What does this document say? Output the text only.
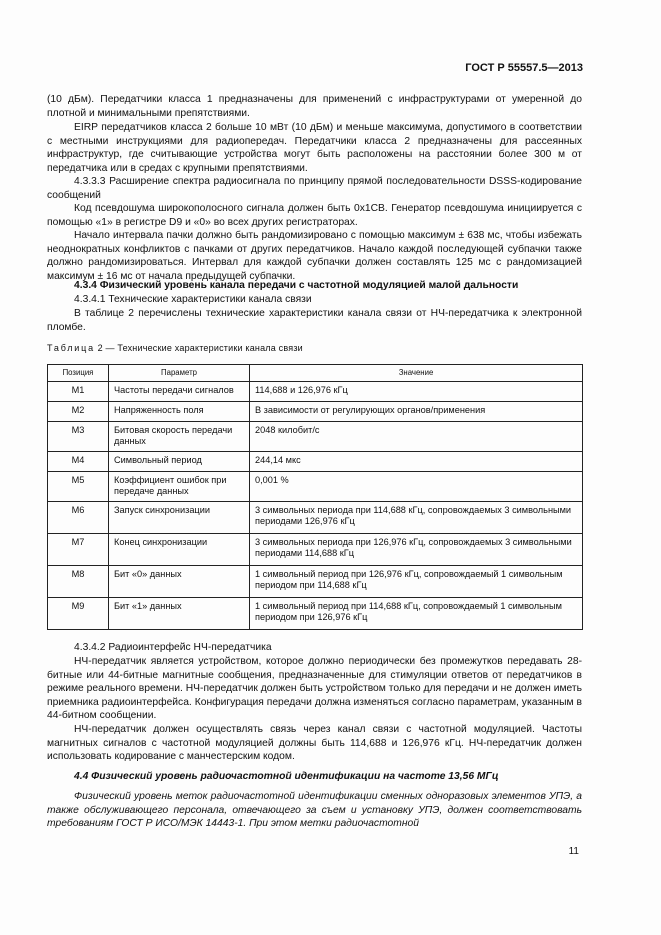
ГОСТ Р 55557.5—2013
(10 дБм). Передатчики класса 1 предназначены для применений с инфраструктурами от умеренной до плотной и минимальными препятствиями.
EIRP передатчиков класса 2 больше 10 мВт (10 дБм) и меньше максимума, допустимого в соответствии с местными инструкциями для радиопередач. Передатчики класса 2 предназначены для рассеянных инфраструктур, где считывающие устройства могут быть расположены на расстоянии более 300 м от передатчика или в средах с крупными препятствиями.
4.3.3.3 Расширение спектра радиосигнала по принципу прямой последовательности DSSS-кодирование сообщений
Код псевдошума широкополосного сигнала должен быть 0x1CB. Генератор псевдошума инициируется с помощью «1» в регистре D9 и «0» во всех других регистраторах.
Начало интервала пачки должно быть рандомизировано с помощью максимум ± 638 мс, чтобы избежать неоднократных конфликтов с пачками от других передатчиков. Начало каждой последующей субпачки также должно рандомизироваться. Интервал для каждой субпачки должен составлять 125 мс с рандомизацией максимум ± 16 мс от начала предыдущей субпачки.
4.3.4 Физический уровень канала передачи с частотной модуляцией малой дальности
4.3.4.1 Технические характеристики канала связи
В таблице 2 перечислены технические характеристики канала связи от НЧ-передатчика к электронной пломбе.
Таблица 2 — Технические характеристики канала связи
Позиция	Параметр	Значение
M1	Частоты передачи сигналов	114,688 и 126,976 кГц
M2	Напряженность поля	В зависимости от регулирующих органов/применения
M3	Битовая скорость передачи данных	2048 килобит/с
M4	Символьный период	244,14 мкс
M5	Коэффициент ошибок при передаче данных	0,001 %
M6	Запуск синхронизации	3 символьных периода при 114,688 кГц, сопровождаемых 3 символьными периодами 126,976 кГц
M7	Конец синхронизации	3 символьных периода при 126,976 кГц, сопровождаемых 3 символьными периодами 114,688 кГц
M8	Бит «0» данных	1 символьный период при 126,976 кГц, сопровождаемый 1 символьным периодом при 114,688 кГц
M9	Бит «1» данных	1 символьный период при 114,688 кГц, сопровождаемый 1 символьным периодом при 126,976 кГц
4.3.4.2 Радиоинтерфейс НЧ-передатчика
НЧ-передатчик является устройством, которое должно периодически без промежутков передавать 28-битные или 44-битные магнитные сообщения, предназначенные для стимуляции ответов от передатчиков в режиме реального времени. НЧ-передатчик должен быть устройством только для передачи и не должен иметь приемника радиоинтерфейса. Конфигурация передачи должна изменяться согласно параметрам, указанным в 44-битном сообщении.
НЧ-передатчик должен осуществлять связь через канал связи с частотной модуляцией. Частоты магнитных сигналов с частотной модуляцией должны быть 114,688 и 126,976 кГц. НЧ-передатчик должен использовать кодирование с манчестерским кодом.
4.4 Физический уровень радиочастотной идентификации на частоте 13,56 МГц
Физический уровень меток радиочастотной идентификации сменных одноразовых элементов УПЭ, а также обслуживающего персонала, отвечающего за съем и установку УПЭ, должен соответствовать требованиям ГОСТ Р ИСО/МЭК 14443-1. При этом метки радиочастотной
11
